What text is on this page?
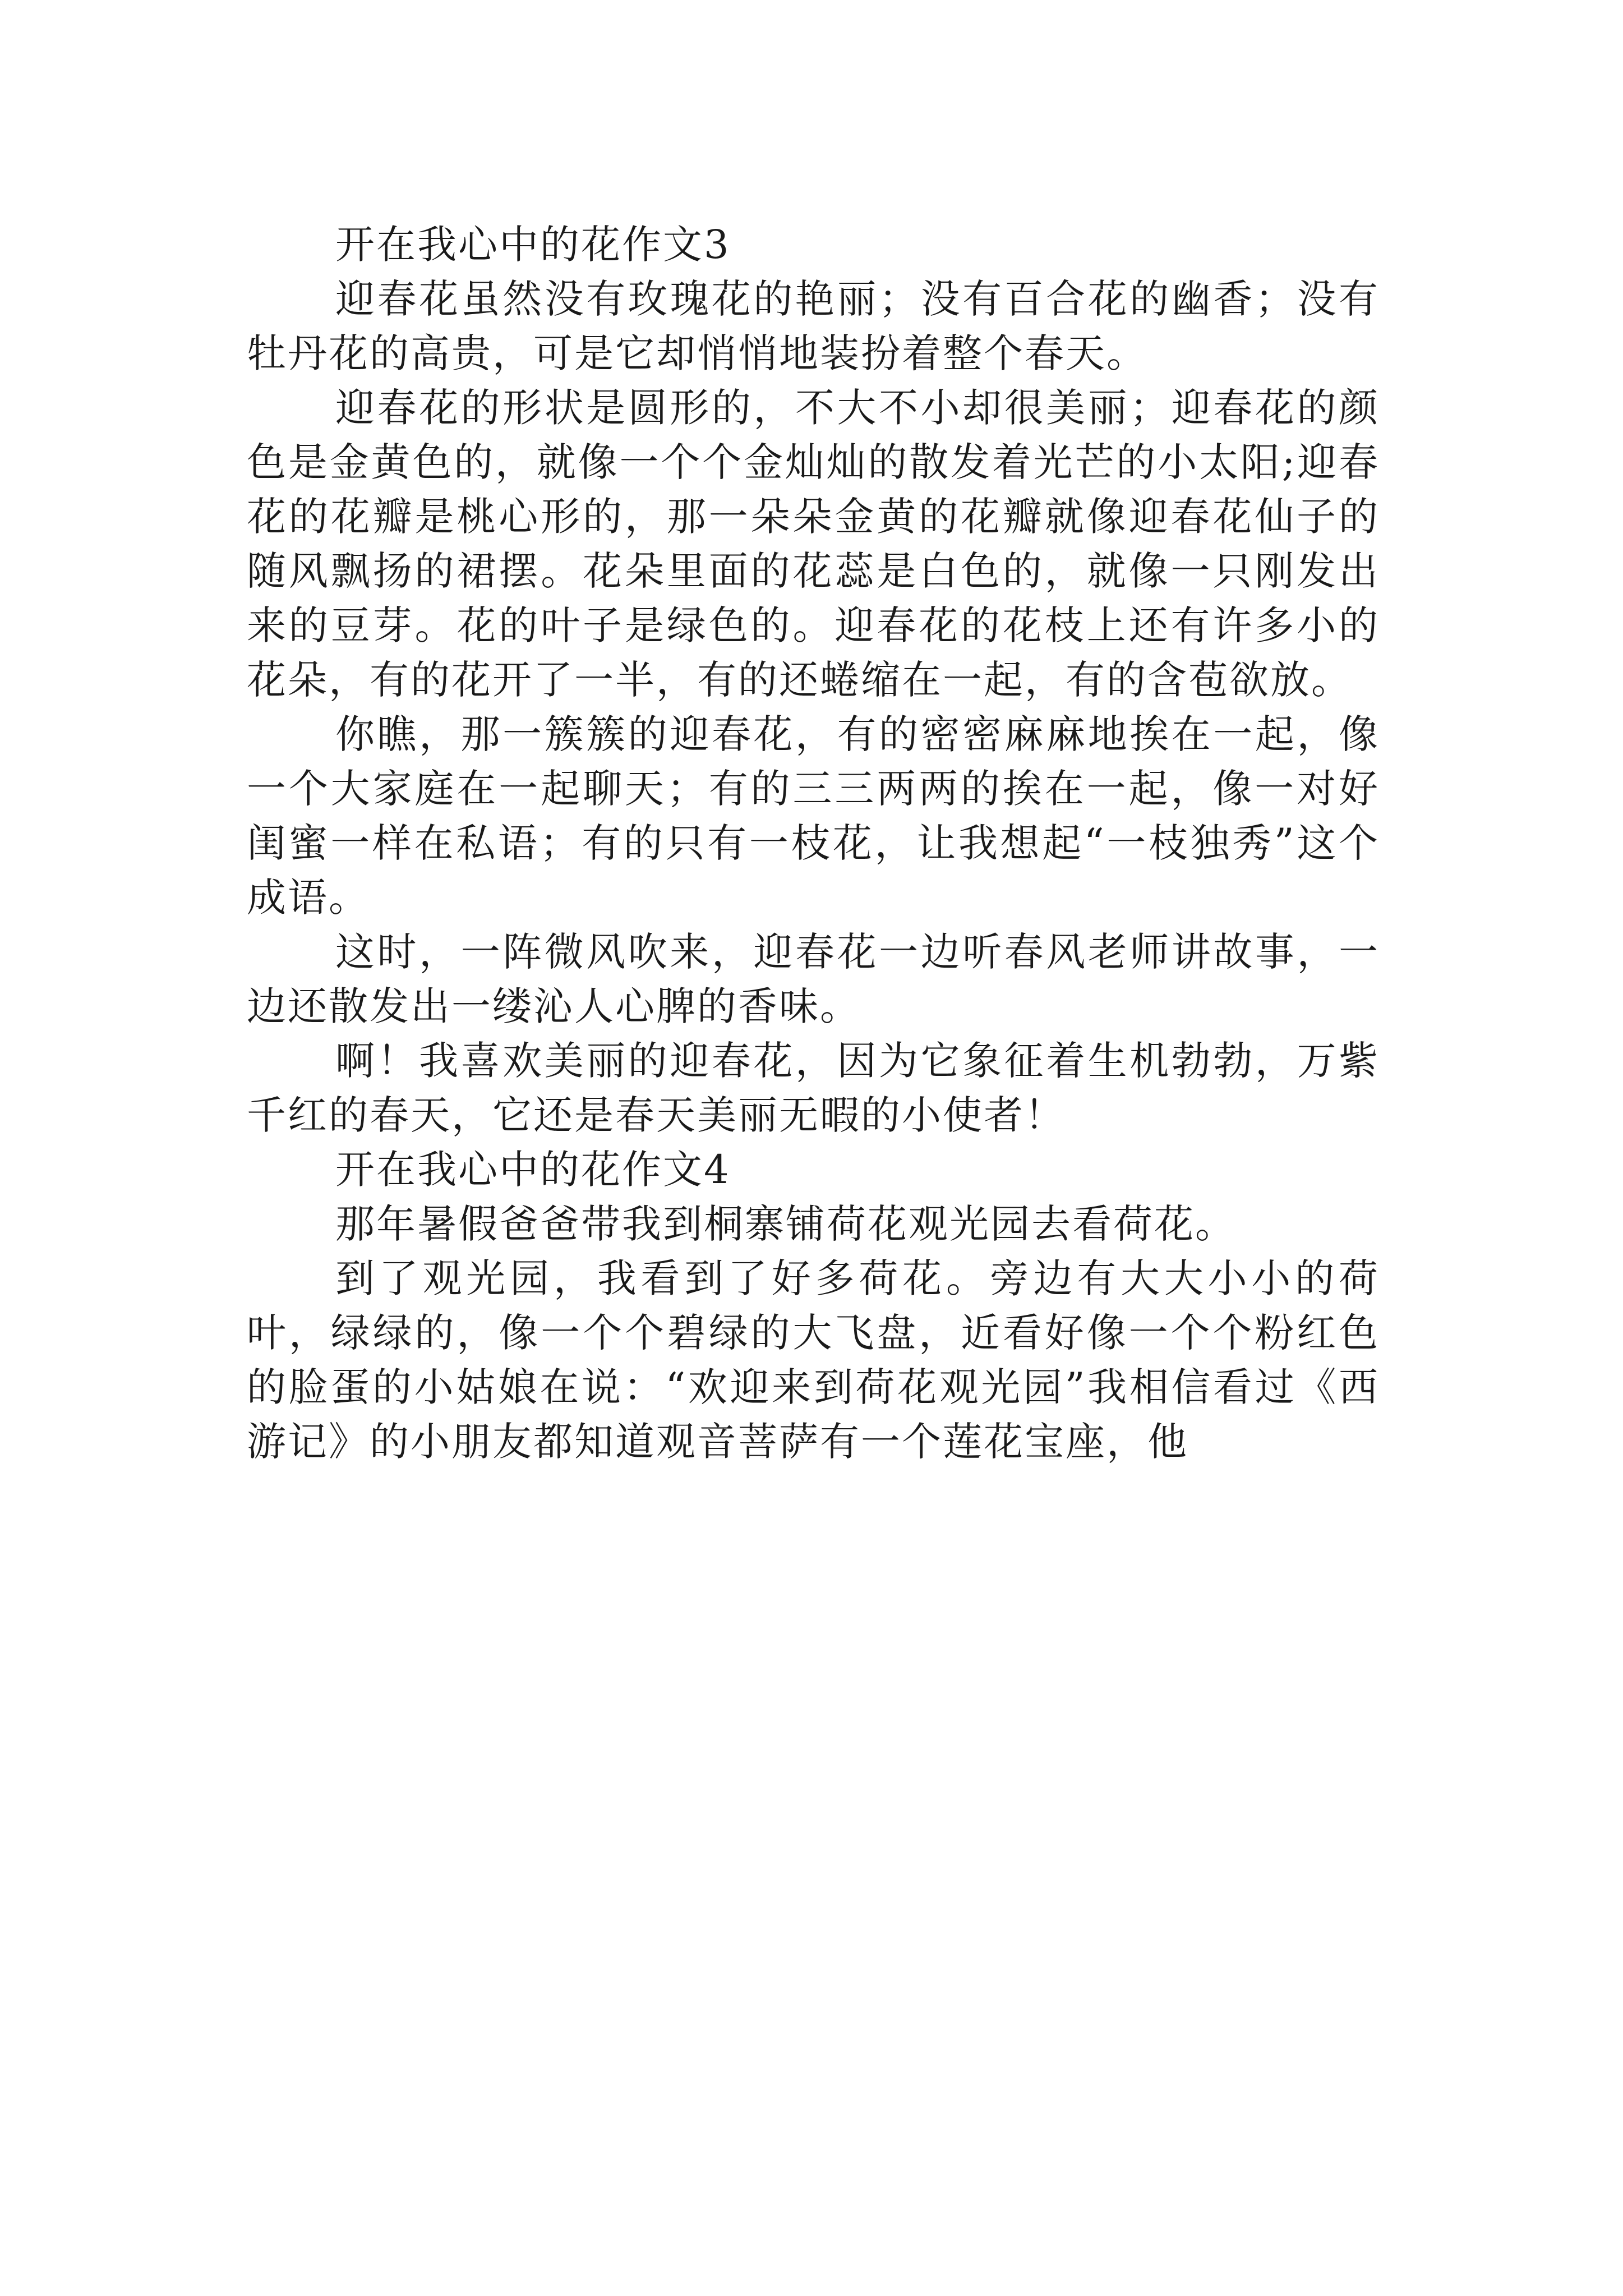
开在我心中的花作文3

迎春花虽然没有玫瑰花的艳丽；没有百合花的幽香；没有牡丹花的高贵，可是它却悄悄地装扮着整个春天。

迎春花的形状是圆形的，不大不小却很美丽；迎春花的颜色是金黄色的，就像一个个金灿灿的散发着光芒的小太阳;迎春花的花瓣是桃心形的，那一朵朵金黄的花瓣就像迎春花仙子的随风飘扬的裙摆。花朵里面的花蕊是白色的，就像一只刚发出来的豆芽。花的叶子是绿色的。迎春花的花枝上还有许多小的花朵，有的花开了一半，有的还蜷缩在一起，有的含苞欲放。

你瞧，那一簇簇的迎春花，有的密密麻麻地挨在一起，像一个大家庭在一起聊天；有的三三两两的挨在一起，像一对好闺蜜一样在私语；有的只有一枝花，让我想起“一枝独秀”这个成语。

这时，一阵微风吹来，迎春花一边听春风老师讲故事，一边还散发出一缕沁人心脾的香味。

啊！我喜欢美丽的迎春花，因为它象征着生机勃勃，万紫千红的春天，它还是春天美丽无暇的小使者！

开在我心中的花作文4

那年暑假爸爸带我到桐寨铺荷花观光园去看荷花。

到了观光园，我看到了好多荷花。旁边有大大小小的荷叶，绿绿的，像一个个碧绿的大飞盘，近看好像一个个粉红色的脸蛋的小姑娘在说：“欢迎来到荷花观光园”我相信看过《西游记》的小朋友都知道观音菩萨有一个莲花宝座，他
